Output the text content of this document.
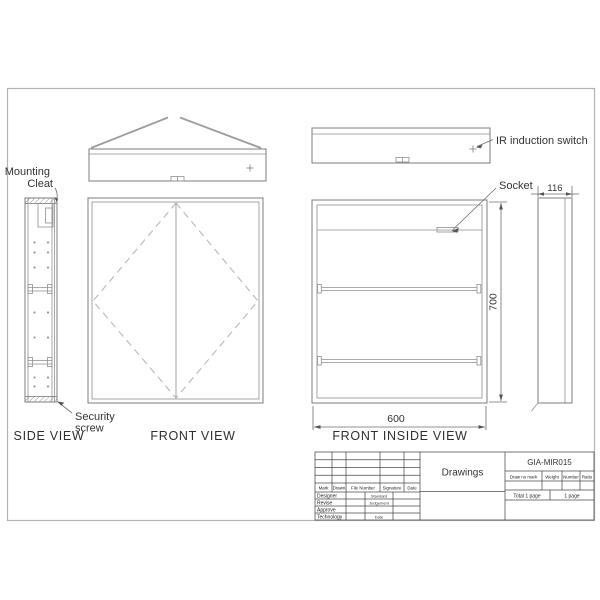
Mounting
Cleat
Security
screw
SIDE VIEW	FRONT VIEW
IR induction switch
Socket
700
600
FRONT INSIDE VIEW
116
Mark Drawn File Number Signature Date
Designer
Revise
Approve
Technology
Standard
Judgement
Date
Drawings
GIA-MIR015
Draw no mark Weight Number Ratio
Total 1 page	1 page
